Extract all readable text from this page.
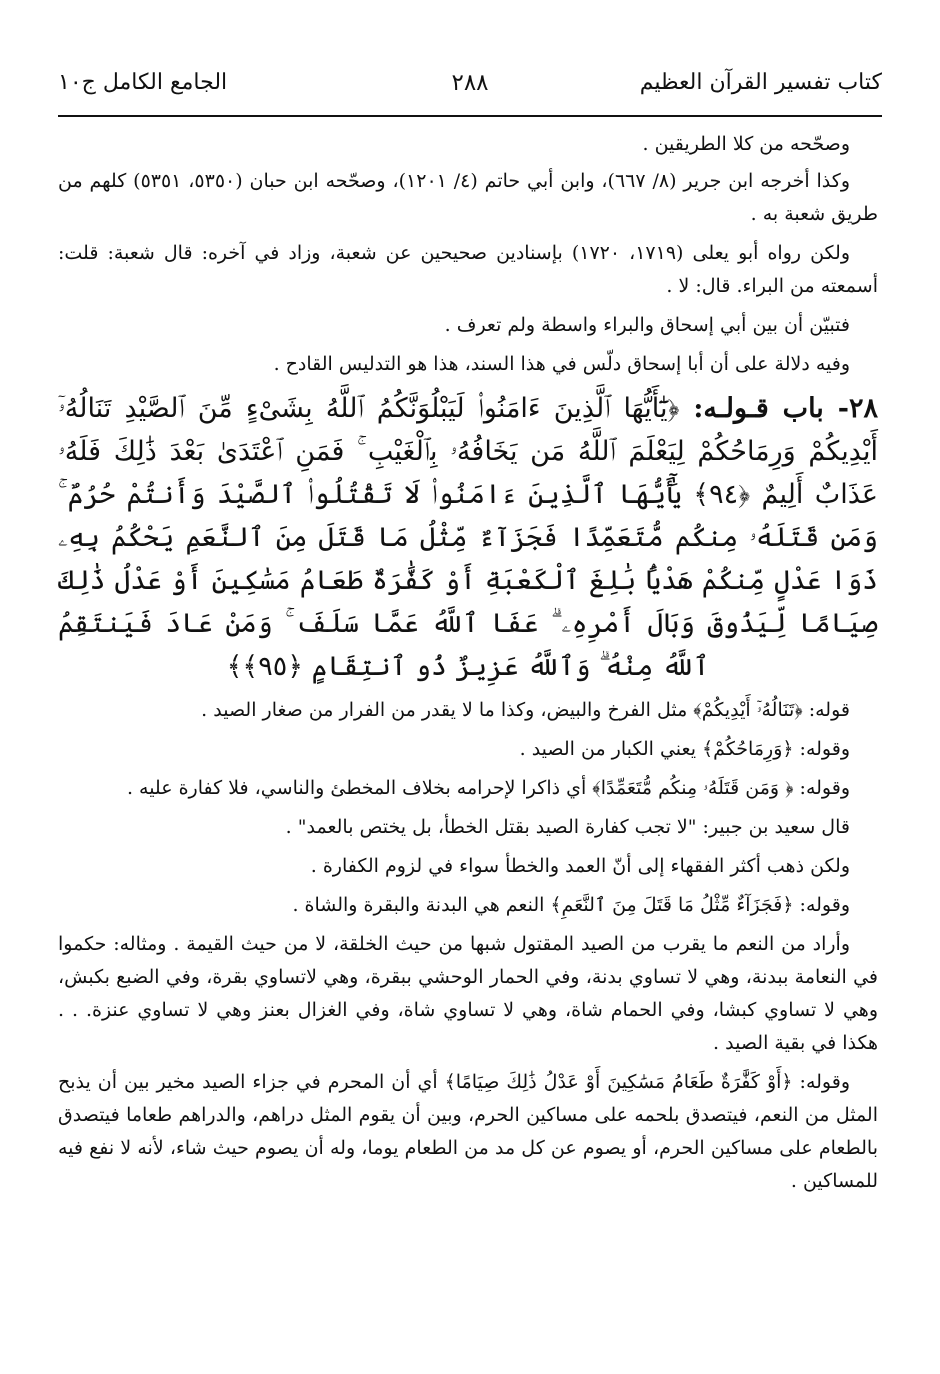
كتاب تفسير القرآن العظيم
٢٨٨
الجامع الكامل ج١٠

وصحّحه من كلا الطريقين .

وكذا أخرجه ابن جرير (٨/ ٦٦٧)، وابن أبي حاتم (٤/ ١٢٠١)، وصحّحه ابن حبان (٥٣٥٠، ٥٣٥١) كلهم من طريق شعبة به .

ولكن رواه أبو يعلى (١٧١٩، ١٧٢٠) بإسنادين صحيحين عن شعبة، وزاد في آخره: قال شعبة: قلت: أسمعته من البراء. قال: لا .

فتبيّن أن بين أبي إسحاق والبراء واسطة ولم تعرف .

وفيه دلالة على أن أبا إسحاق دلّس في هذا السند، هذا هو التدليس القادح .

٢٨- باب قـولـه: ﴿يَٰٓأَيُّهَا ٱلَّذِينَ ءَامَنُوا۟ لَيَبْلُوَنَّكُمُ ٱللَّهُ بِشَىْءٍ مِّنَ ٱلصَّيْدِ تَنَالُهُۥٓ أَيْدِيكُمْ وَرِمَاحُكُمْ لِيَعْلَمَ ٱللَّهُ مَن يَخَافُهُۥ بِٱلْغَيْبِ ۚ فَمَنِ ٱعْتَدَىٰ بَعْدَ ذَٰلِكَ فَلَهُۥ عَذَابٌ أَلِيمٌ ﴿٩٤﴾ يَٰٓأَيُّهَا ٱلَّذِينَ ءَامَنُوا۟ لَا تَقْتُلُوا۟ ٱلصَّيْدَ وَأَنتُمْ حُرُمٌ ۚ وَمَن قَتَلَهُۥ مِنكُم مُّتَعَمِّدًا فَجَزَآءٌ مِّثْلُ مَا قَتَلَ مِنَ ٱلنَّعَمِ يَحْكُمُ بِهِۦ ذَوَا عَدْلٍ مِّنكُمْ هَدْيًۢا بَٰلِغَ ٱلْكَعْبَةِ أَوْ كَفَّٰرَةٌ طَعَامُ مَسَٰكِينَ أَوْ عَدْلُ ذَٰلِكَ صِيَامًا لِّيَذُوقَ وَبَالَ أَمْرِهِۦ ۗ عَفَا ٱللَّهُ عَمَّا سَلَفَ ۚ وَمَنْ عَادَ فَيَنتَقِمُ ٱللَّهُ مِنْهُ ۗ وَٱللَّهُ عَزِيزٌ ذُو ٱنتِقَامٍ ﴿٩٥﴾﴾

قوله: ﴿تَنَالُهُۥٓ أَيْدِيكُمْ﴾ مثل الفرخ والبيض، وكذا ما لا يقدر من الفرار من صغار الصيد .

وقوله: ﴿وَرِمَاحُكُمْ﴾ يعني الكبار من الصيد .

وقوله: ﴿ وَمَن قَتَلَهُۥ مِنكُم مُّتَعَمِّدًا﴾ أي ذاكرا لإحرامه بخلاف المخطئ والناسي، فلا كفارة عليه .

قال سعيد بن جبير: "لا تجب كفارة الصيد بقتل الخطأ، بل يختص بالعمد" .

ولكن ذهب أكثر الفقهاء إلى أنّ العمد والخطأ سواء في لزوم الكفارة .

وقوله: ﴿فَجَزَآءٌ مِّثْلُ مَا قَتَلَ مِنَ ٱلنَّعَمِ﴾ النعم هي البدنة والبقرة والشاة .

وأراد من النعم ما يقرب من الصيد المقتول شبها من حيث الخلقة، لا من حيث القيمة . ومثاله: حكموا في النعامة ببدنة، وهي لا تساوي بدنة، وفي الحمار الوحشي ببقرة، وهي لاتساوي بقرة، وفي الضبع بكبش، وهي لا تساوي كبشا، وفي الحمام شاة، وهي لا تساوي شاة، وفي الغزال بعنز وهي لا تساوي عنزة. . . هكذا في بقية الصيد .

وقوله: ﴿أَوْ كَفَّٰرَةٌ طَعَامُ مَسَٰكِينَ أَوْ عَدْلُ ذَٰلِكَ صِيَامًا﴾ أي أن المحرم في جزاء الصيد مخير بين أن يذبح المثل من النعم، فيتصدق بلحمه على مساكين الحرم، وبين أن يقوم المثل دراهم، والدراهم طعاما فيتصدق بالطعام على مساكين الحرم، أو يصوم عن كل مد من الطعام يوما، وله أن يصوم حيث شاء، لأنه لا نفع فيه للمساكين .
